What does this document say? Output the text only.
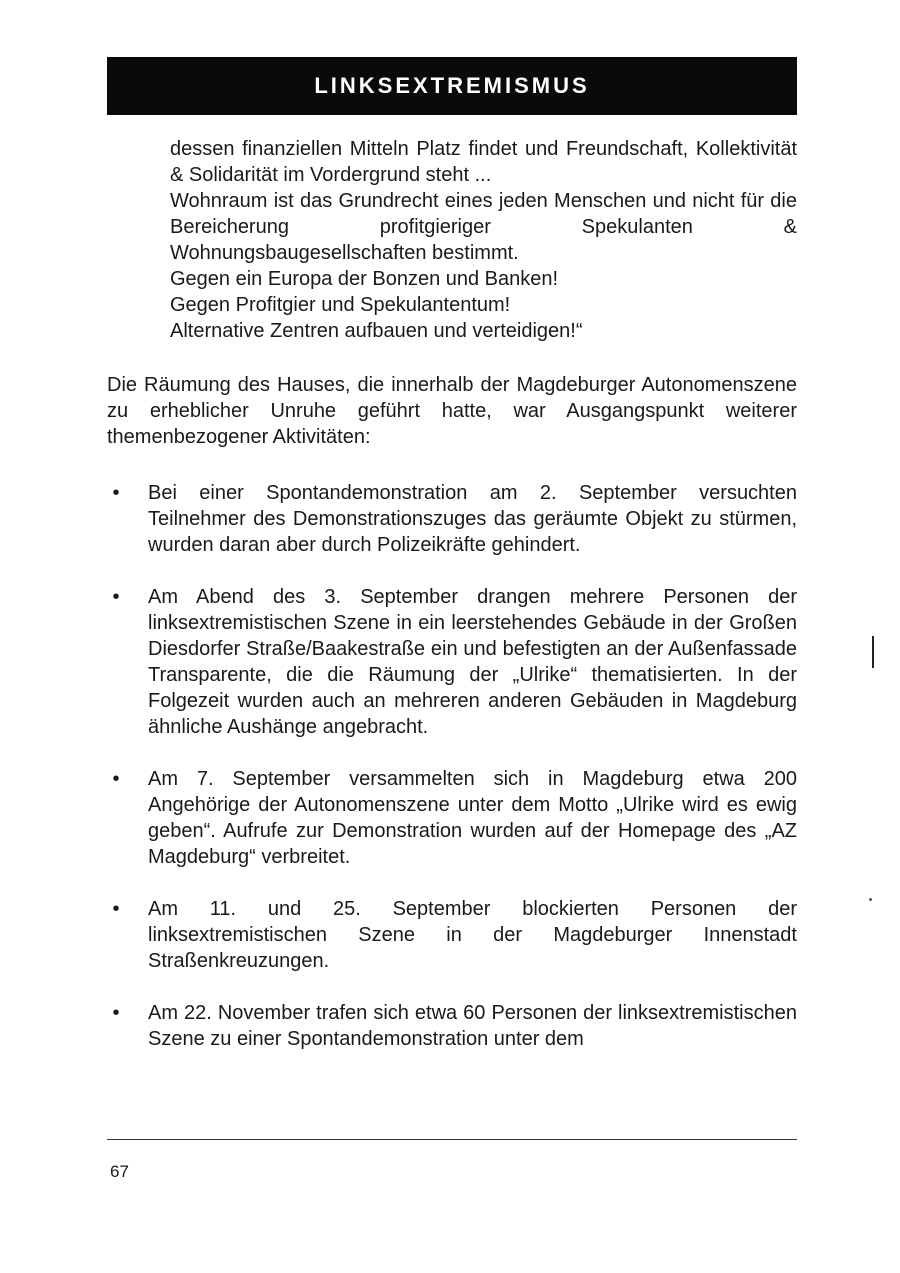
LINKSEXTREMISMUS

dessen finanziellen Mitteln Platz findet und Freundschaft, Kollektivität & Solidarität im Vordergrund steht ...

Wohnraum ist das Grundrecht eines jeden Menschen und nicht für die Bereicherung profitgieriger Spekulanten & Wohnungsbaugesellschaften bestimmt.

Gegen ein Europa der Bonzen und Banken!

Gegen Profitgier und Spekulantentum!

Alternative Zentren aufbauen und verteidigen!“

Die Räumung des Hauses, die innerhalb der Magdeburger Autonomenszene zu erheblicher Unruhe geführt hatte, war Ausgangspunkt weiterer themenbezogener Aktivitäten:

• Bei einer Spontandemonstration am 2. September versuchten Teilnehmer des Demonstrationszuges das geräumte Objekt zu stürmen, wurden daran aber durch Polizeikräfte gehindert.
• Am Abend des 3. September drangen mehrere Personen der linksextremistischen Szene in ein leerstehendes Gebäude in der Großen Diesdorfer Straße/Baakestraße ein und befestigten an der Außenfassade Transparente, die die Räumung der „Ulrike“ thematisierten. In der Folgezeit wurden auch an mehreren anderen Gebäuden in Magdeburg ähnliche Aushänge angebracht.
• Am 7. September versammelten sich in Magdeburg etwa 200 Angehörige der Autonomenszene unter dem Motto „Ulrike wird es ewig geben“. Aufrufe zur Demonstration wurden auf der Homepage des „AZ Magdeburg“ verbreitet.
• Am 11. und 25. September blockierten Personen der linksextremistischen Szene in der Magdeburger Innenstadt Straßenkreuzungen.
• Am 22. November trafen sich etwa 60 Personen der linksextremistischen Szene zu einer Spontandemonstration unter dem
67
